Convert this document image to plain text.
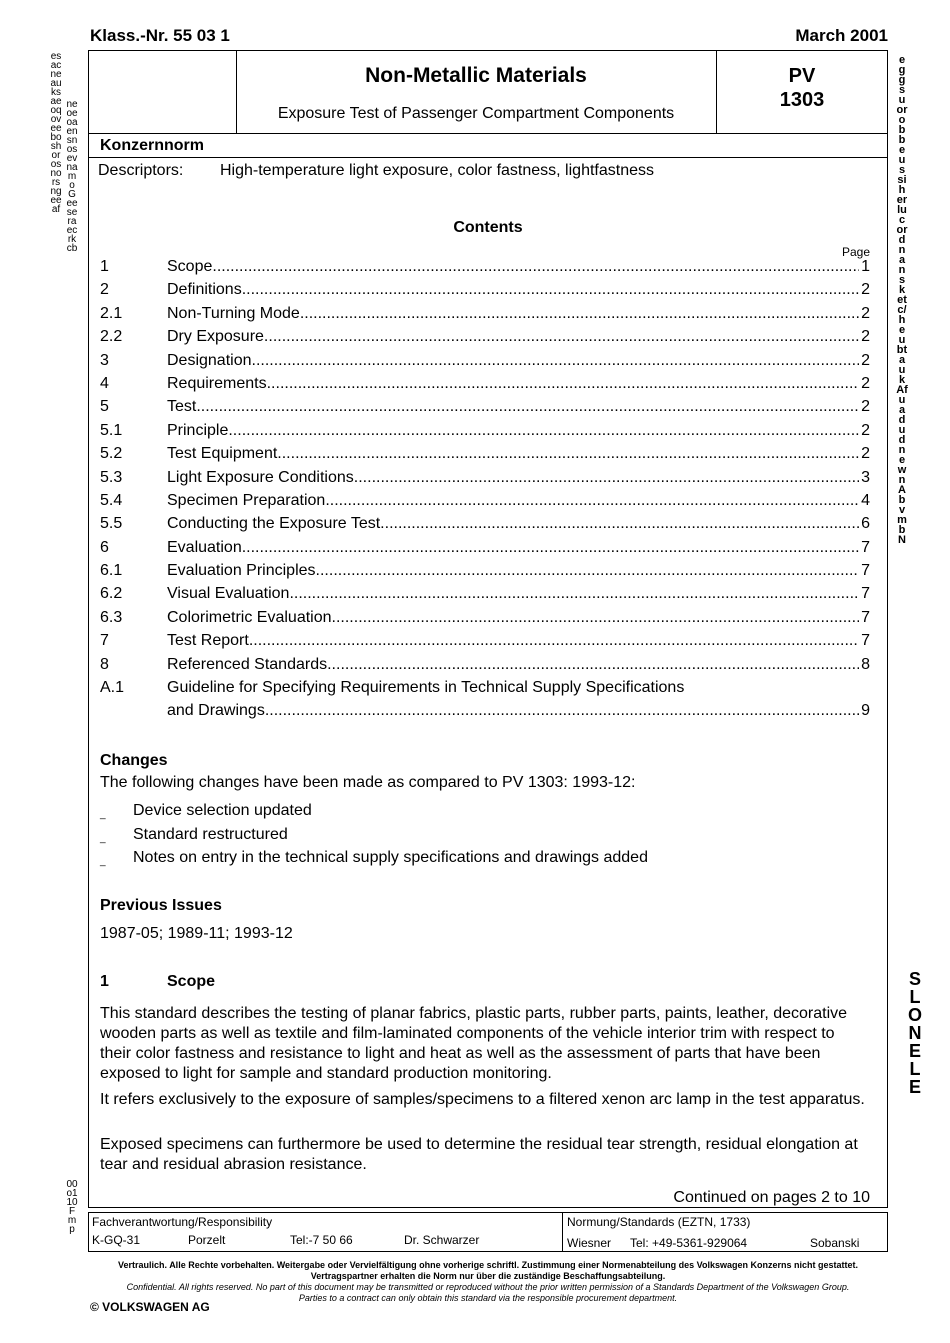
Klass.-Nr. 55 03 1	March 2001
Non-Metallic Materials
Exposure Test of Passenger Compartment Components
PV
1303
Konzernnorm
Descriptors: High-temperature light exposure, color fastness, lightfastness
Contents
Page
1	Scope .....	1
2	Definitions .....	2
2.1	Non-Turning Mode .....	2
2.2	Dry Exposure .....	2
3	Designation .....	2
4	Requirements .....	2
5	Test .....	2
5.1	Principle .....	2
5.2	Test Equipment .....	2
5.3	Light Exposure Conditions .....	3
5.4	Specimen Preparation .....	4
5.5	Conducting the Exposure Test .....	6
6	Evaluation .....	7
6.1	Evaluation Principles .....	7
6.2	Visual Evaluation .....	7
6.3	Colorimetric Evaluation .....	7
7	Test Report .....	7
8	Referenced Standards .....	8
A.1	Guideline for Specifying Requirements in Technical Supply Specifications
and Drawings .....	9
Changes
The following changes have been made as compared to PV 1303: 1993-12:
_ Device selection updated
_ Standard restructured
_ Notes on entry in the technical supply specifications and drawings added
Previous Issues
1987-05; 1989-11; 1993-12
1	Scope
This standard describes the testing of planar fabrics, plastic parts, rubber parts, paints, leather, decorative wooden parts as well as textile and film-laminated components of the vehicle interior trim with respect to their color fastness and resistance to light and heat as well as the assessment of parts that have been exposed to light for sample and standard production monitoring.
It refers exclusively to the exposure of samples/specimens to a filtered xenon arc lamp in the test apparatus.
Exposed specimens can furthermore be used to determine the residual tear strength, residual elongation at tear and residual abrasion resistance.
Continued on pages 2 to 10
Fachverantwortung/Responsibility
K-GQ-31	Porzelt	Tel:-7 50 66	Dr. Schwarzer
Normung/Standards (EZTN, 1733)
Wiesner Tel: +49-5361-929064	Sobanski
Vertraulich. Alle Rechte vorbehalten. Weitergabe oder Vervielfältigung ohne vorherige schriftl. Zustimmung einer Normenabteilung des Volkswagen Konzerns nicht gestattet.
Vertragspartner erhalten die Norm nur über die zuständige Beschaffungsabteilung.
Confidential. All rights reserved. No part of this document may be transmitted or reproduced without the prior written permission of a Standards Department of the Volkswagen Group.
Parties to a contract can only obtain this standard via the responsible procurement department.
© VOLKSWAGEN AG
esacneauksaeoqoveeboshorosnorsngeeaf
neoeoaensnosevnamoGeeseraecrkcb
00o1 10Fmp
eggsuorobbeussiherlucordnansketc/heubtaukAfuadudnewnAbvmbN
SLONELE
